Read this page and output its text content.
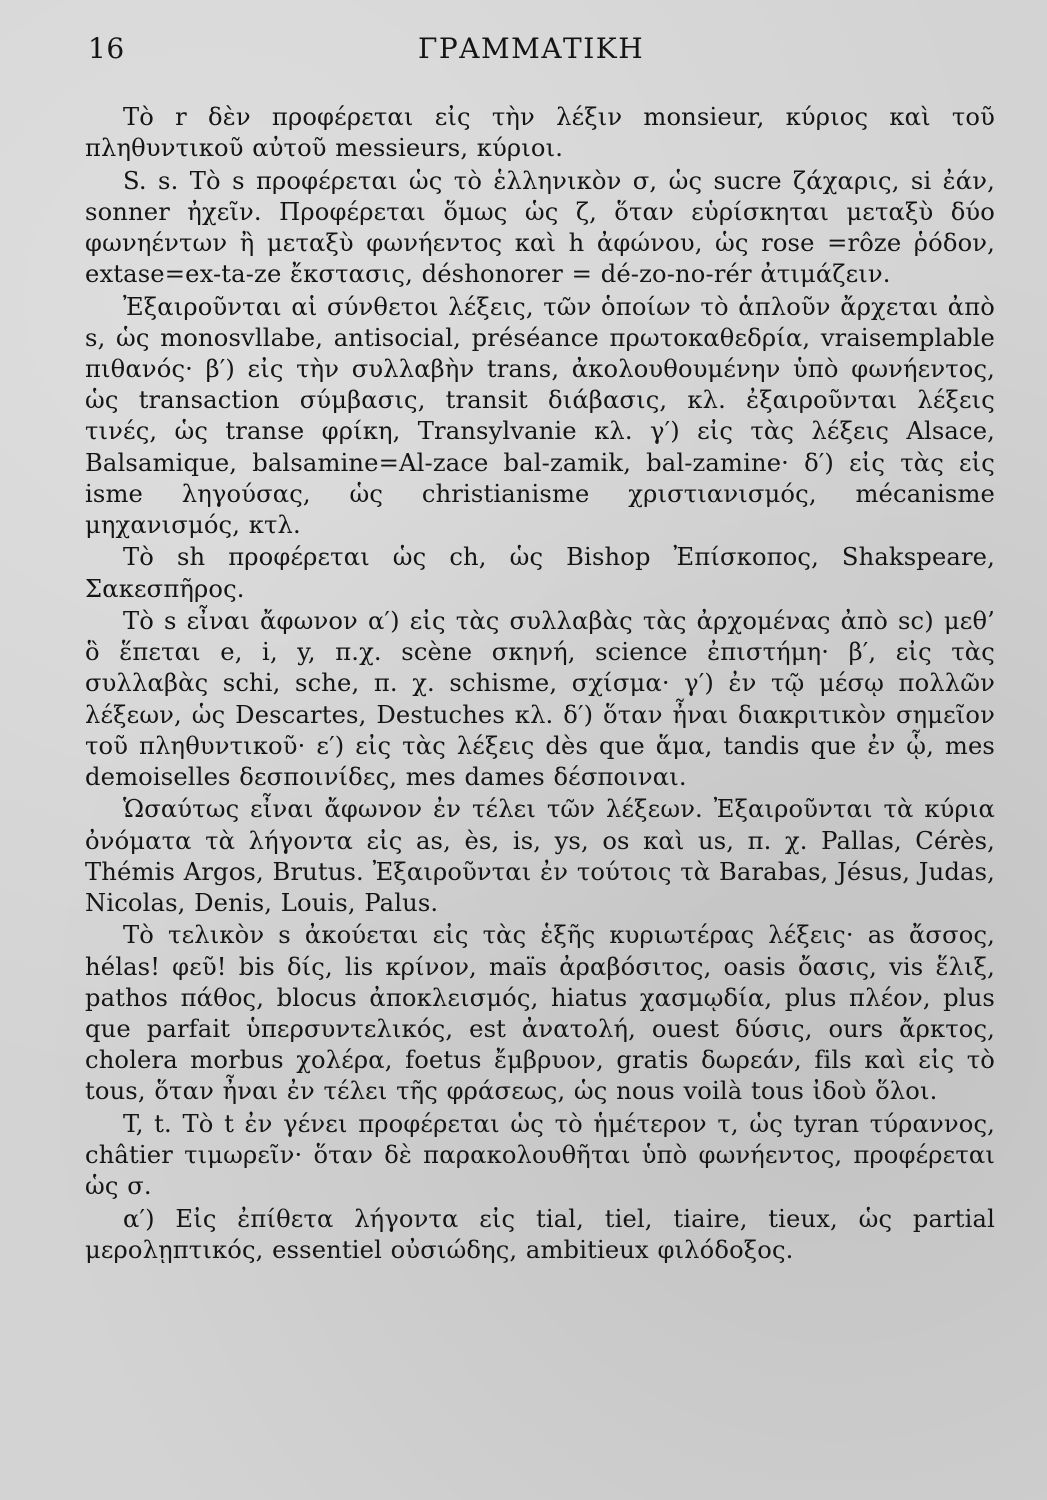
16	ΓΡΑΜΜΑΤΙΚΗ

Τὸ r δὲν προφέρεται εἰς τὴν λέξιν monsieur, κύριος καὶ τοῦ πληθυντικοῦ αὐτοῦ messieurs, κύριοι.

S. s. Τὸ s προφέρεται ὡς τὸ ἑλληνικὸν σ, ὡς sucre ζάχαρις, si ἐάν, sonner ἠχεῖν. Προφέρεται ὅμως ὡς ζ, ὅταν εὑρίσκηται μεταξὺ δύο φωνηέντων ἢ μεταξὺ φωνήεντος καὶ h ἀφώνου, ὡς rose =rôze ῥόδον, extase=ex-ta-ze ἔκστασις, déshonorer = dé-zo-no-rér ἀτιμάζειν.

Ἐξαιροῦνται αἱ σύνθετοι λέξεις, τῶν ὁποίων τὸ ἁπλοῦν ἄρχεται ἀπὸ s, ὡς monosvllabe, antisocial, préséance πρωτοκαθεδρία, vraisemplable πιθανός· β′) εἰς τὴν συλλαβὴν trans, ἀκολουθουμένην ὑπὸ φωνήεντος, ὡς transaction σύμβασις, transit διάβασις, κλ. ἐξαιροῦνται λέξεις τινές, ὡς transe φρίκη, Transylvanie κλ. γ′) εἰς τὰς λέξεις Alsace, Balsamique, balsamine=Al-zace bal-zamik, bal-zamine· δ′) εἰς τὰς εἰς isme ληγούσας, ὡς christianisme χριστιανισμός, mécanisme μηχανισμός, κτλ.

Τὸ sh προφέρεται ὡς ch, ὡς Bishop Ἐπίσκοπος, Shakspeare, Σακεσπῆρος.

Τὸ s εἶναι ἄφωνον α′) εἰς τὰς συλλαβὰς τὰς ἀρχομένας ἀπὸ sc) μεθ’ ὃ ἕπεται e, i, y, π.χ. scène σκηνή, science ἐπιστήμη· β′, εἰς τὰς συλλαβὰς schi, sche, π. χ. schisme, σχίσμα· γ′) ἐν τῷ μέσῳ πολλῶν λέξεων, ὡς Descartes, Destuches κλ. δ′) ὅταν ἦναι διακριτικὸν σημεῖον τοῦ πληθυντικοῦ· ε′) εἰς τὰς λέξεις dès que ἅμα, tandis que ἐν ᾧ, mes demoiselles δεσποινίδες, mes dames δέσποιναι.

Ὡσαύτως εἶναι ἄφωνον ἐν τέλει τῶν λέξεων. Ἐξαιροῦνται τὰ κύρια ὀνόματα τὰ λήγοντα εἰς as, ès, is, ys, os καὶ us, π. χ. Pallas, Cérès, Thémis Argos, Brutus. Ἐξαιροῦνται ἐν τούτοις τὰ Barabas, Jésus, Judas, Nicolas, Denis, Louis, Palus.

Τὸ τελικὸν s ἀκούεται εἰς τὰς ἑξῆς κυριωτέρας λέξεις· as ἄσσος, hélas! φεῦ! bis δίς, lis κρίνον, maïs ἀραβόσιτος, oasis ὄασις, vis ἕλιξ, pathos πάθος, blocus ἀποκλεισμός, hiatus χασμῳδία, plus πλέον, plus que parfait ὑπερσυντελικός, est ἀνατολή, ouest δύσις, ours ἄρκτος, cholera morbus χολέρα, foetus ἔμβρυον, gratis δωρεάν, fils καὶ εἰς τὸ tous, ὅταν ἦναι ἐν τέλει τῆς φράσεως, ὡς nous voilà tous ἰδοὺ ὅλοι.

T, t. Τὸ t ἐν γένει προφέρεται ὡς τὸ ἡμέτερον τ, ὡς tyran τύραννος, châtier τιμωρεῖν· ὅταν δὲ παρακολουθῆται ὑπὸ φωνήεντος, προφέρεται ὡς σ.

α′) Εἰς ἐπίθετα λήγοντα εἰς tial, tiel, tiaire, tieux, ὡς partial μερολῃπτικός, essentiel οὐσιώδης, ambitieux φιλόδοξος.
